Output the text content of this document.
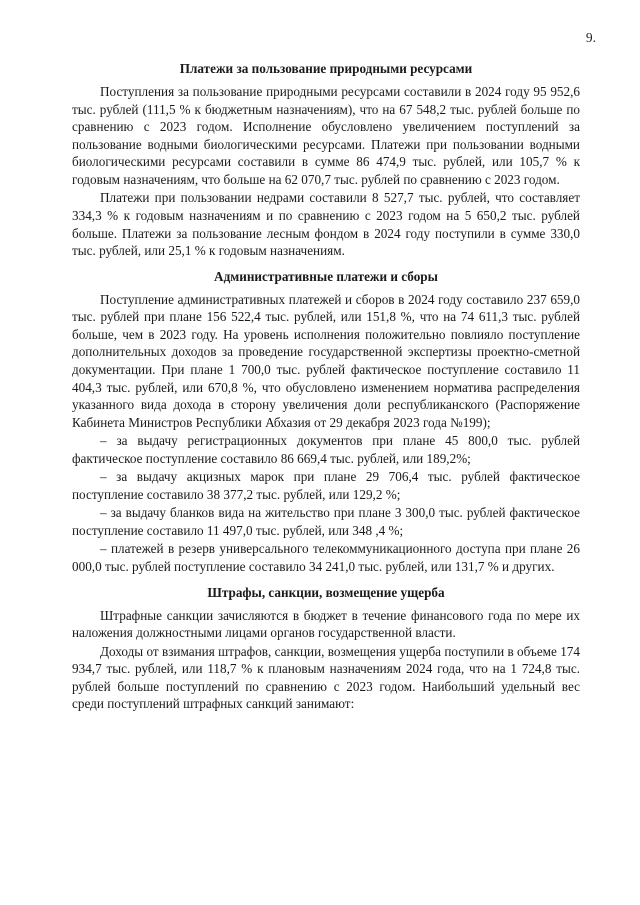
9.
Платежи за пользование природными ресурсами

Поступления за пользование природными ресурсами составили в 2024 году 95 952,6 тыс. рублей (111,5 % к бюджетным назначениям), что на 67 548,2 тыс. рублей больше по сравнению с 2023 годом. Исполнение обусловлено увеличением поступлений за пользование водными биологическими ресурсами. Платежи при пользовании водными биологическими ресурсами составили в сумме 86 474,9 тыс. рублей, или 105,7 % к годовым назначениям, что больше на 62 070,7 тыс. рублей по сравнению с 2023 годом.

Платежи при пользовании недрами составили 8 527,7 тыс. рублей, что составляет 334,3 % к годовым назначениям и по сравнению с 2023 годом на 5 650,2 тыс. рублей больше. Платежи за пользование лесным фондом в 2024 году поступили в сумме 330,0 тыс. рублей, или 25,1 % к годовым назначениям.

Административные платежи и сборы

Поступление административных платежей и сборов в 2024 году составило 237 659,0 тыс. рублей при плане 156 522,4 тыс. рублей, или 151,8 %, что на 74 611,3 тыс. рублей больше, чем в 2023 году. На уровень исполнения положительно повлияло поступление дополнительных доходов за проведение государственной экспертизы проектно-сметной документации. При плане 1 700,0 тыс. рублей фактическое поступление составило 11 404,3 тыс. рублей, или 670,8 %, что обусловлено изменением норматива распределения указанного вида дохода в сторону увеличения доли республиканского (Распоряжение Кабинета Министров Республики Абхазия от 29 декабря 2023 года №199);

– за выдачу регистрационных документов при плане 45 800,0 тыс. рублей фактическое поступление составило 86 669,4 тыс. рублей, или 189,2%;

– за выдачу акцизных марок при плане 29 706,4 тыс. рублей фактическое поступление составило 38 377,2 тыс. рублей, или 129,2 %;

– за выдачу бланков вида на жительство при плане 3 300,0 тыс. рублей фактическое поступление составило 11 497,0 тыс. рублей, или 348 ,4 %;

– платежей в резерв универсального телекоммуникационного доступа при плане 26 000,0 тыс. рублей поступление составило 34 241,0 тыс. рублей, или 131,7 % и других.

Штрафы, санкции, возмещение ущерба

Штрафные санкции зачисляются в бюджет в течение финансового года по мере их наложения должностными лицами органов государственной власти.

Доходы от взимания штрафов, санкции, возмещения ущерба поступили в объеме 174 934,7 тыс. рублей, или 118,7 % к плановым назначениям 2024 года, что на 1 724,8 тыс. рублей больше поступлений по сравнению с 2023 годом. Наибольший удельный вес среди поступлений штрафных санкций занимают:
